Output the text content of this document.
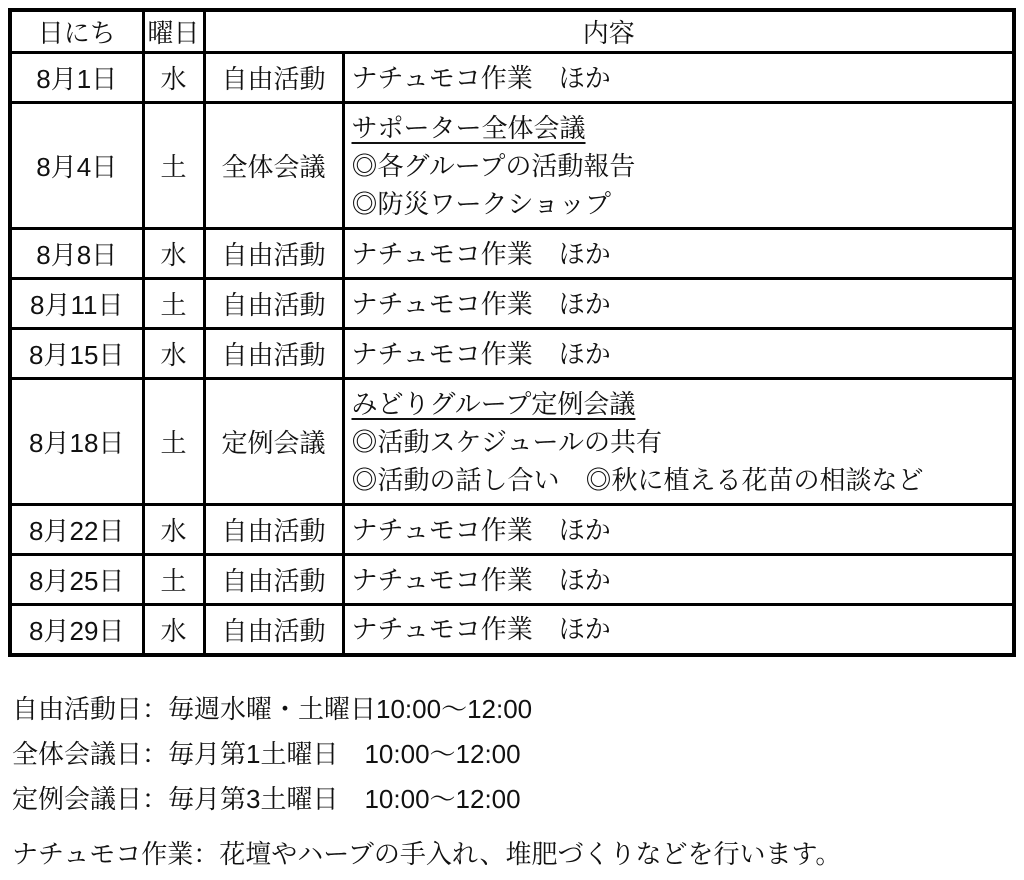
日にち	曜日	内容	
8月1日	水	自由活動	ナチュモコ作業　ほか

8月4日	土	全体会議	サポーター全体会議
◎各グループの活動報告
◎防災ワークショップ

8月8日	水	自由活動	ナチュモコ作業　ほか

8月11日	土	自由活動	ナチュモコ作業　ほか

8月15日	水	自由活動	ナチュモコ作業　ほか

8月18日	土	定例会議	みどりグループ定例会議
◎活動スケジュールの共有
◎活動の話し合い　◎秋に植える花苗の相談など

8月22日	水	自由活動	ナチュモコ作業　ほか

8月25日	土	自由活動	ナチュモコ作業　ほか

8月29日	水	自由活動	ナチュモコ作業　ほか
自由活動日：毎週水曜・土曜日10:00～12:00
全体会議日：毎月第1土曜日　10:00～12:00
定例会議日：毎月第3土曜日　10:00～12:00
ナチュモコ作業：花壇やハーブの手入れ、堆肥づくりなどを行います。
